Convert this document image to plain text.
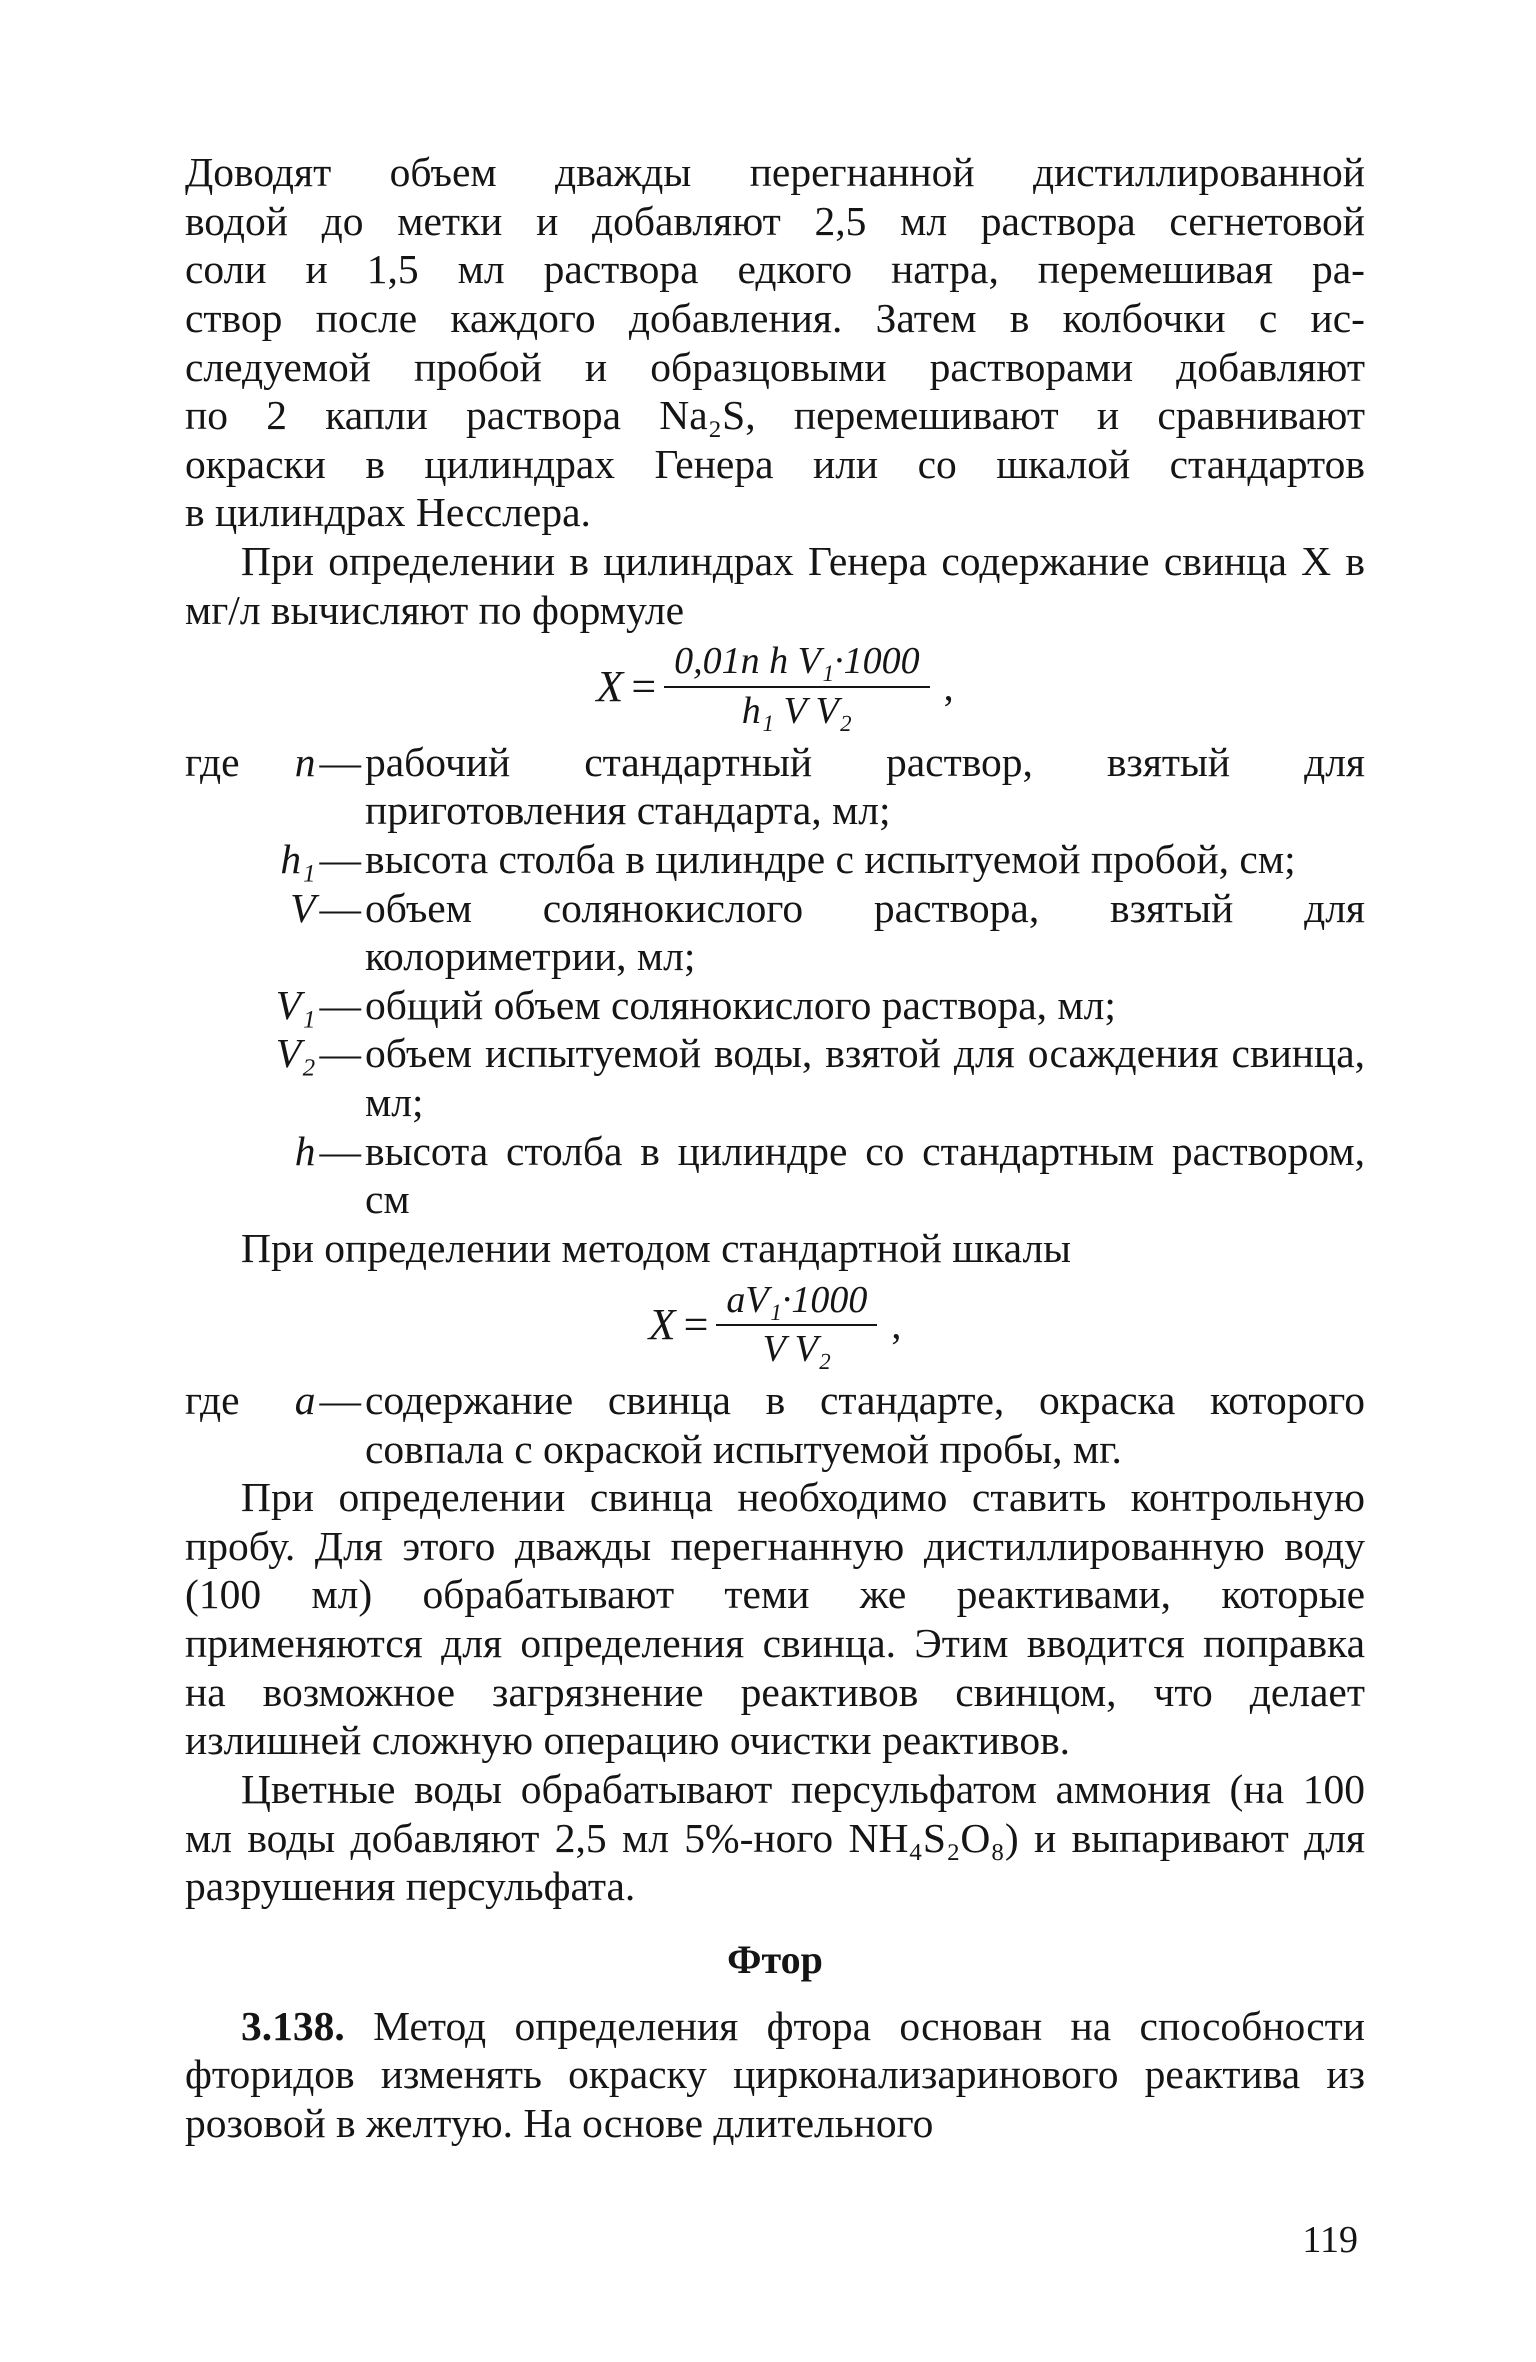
Доводят объем дважды перегнанной дистиллированной
водой до метки и добавляют 2,5 мл раствора сегнетовой
соли и 1,5 мл раствора едкого натра, перемешивая ра-
створ после каждого добавления. Затем в колбочки с ис-
следуемой пробой и образцовыми растворами добавляют
по 2 капли раствора Na₂S, перемешивают и сравнивают
окраски в цилиндрах Генера или со шкалой стандартов
в цилиндрах Несслера.

При определении в цилиндрах Генера содержание свинца X в мг/л вычисляют по формуле

$X = \frac{\text{0,01n h V₁·1000}}{\text{h₁ V V₂}}$ ,
где n— рабочий стандартный раствор, взятый для приготовления стандарта, мл;
h₁— высота столба в цилиндре с испытуемой пробой, см;
V— объем солянокислого раствора, взятый для колориметрии, мл;
V₁— общий объем солянокислого раствора, мл;
V₂— объем испытуемой воды, взятой для осаждения свинца, мл;
h— высота столба в цилиндре со стандартным раствором, см

При определении методом стандартной шкалы

$X = \frac{\text{aV₁·1000}}{\text{V V₂}}$ ,
где a— содержание свинца в стандарте, окраска которого совпала с окраской испытуемой пробы, мг.

При определении свинца необходимо ставить контрольную пробу. Для этого дважды перегнанную дистиллированную воду (100 мл) обрабатывают теми же реактивами, которые применяются для определения свинца. Этим вводится поправка на возможное загрязнение реактивов свинцом, что делает излишней сложную операцию очистки реактивов.

Цветные воды обрабатывают персульфатом аммония (на 100 мл воды добавляют 2,5 мл 5%-ного NH₄S₂O₈) и выпаривают для разрушения персульфата.

Фтор

3.138. Метод определения фтора основан на способности фторидов изменять окраску цирконализаринового реактива из розовой в желтую. На основе длительного

119
